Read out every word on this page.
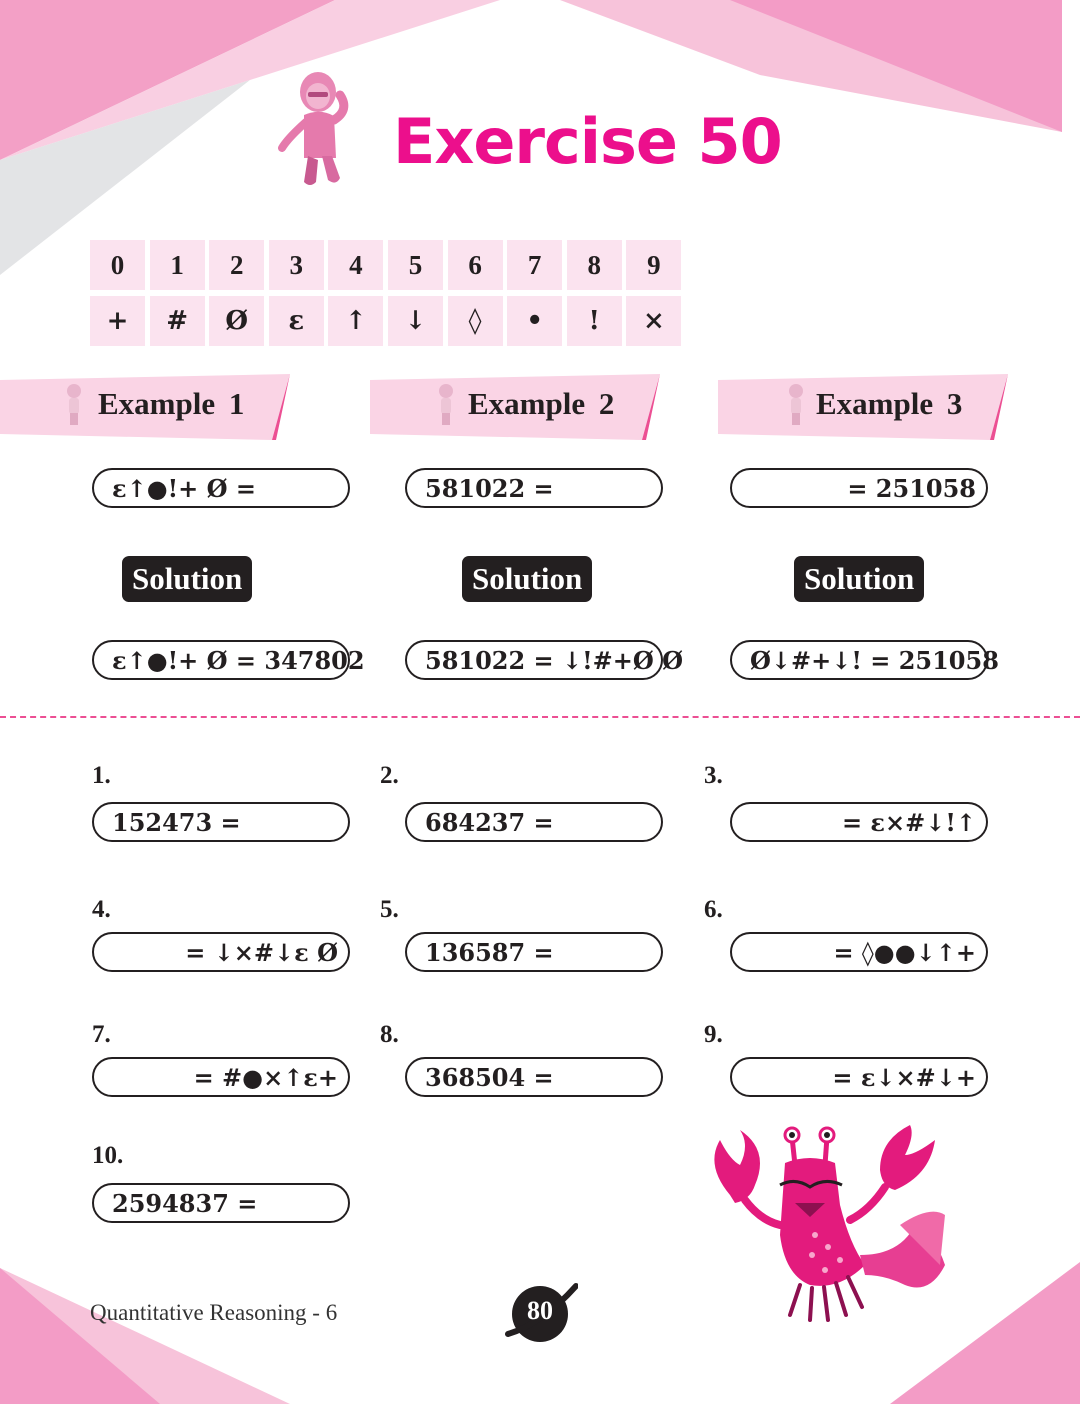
Exercise 50
0	1	2	3	4	5	6	7	8	9
+	#	Ø	ε	↑	↓	◊	•	!	×
Example 1	Example 2	Example 3
ε↑●!+ Ø =	581022 =	= 251058
Solution	Solution	Solution
ε↑●!+ Ø = 347802	581022 = ↓!#+Ø Ø	Ø↓#+↓! = 251058
1.
152473 =
2.
684237 =
3.
= ε×#↓!↑
4.
= ↓×#↓ε Ø
5.
136587 =
6.
= ◊●●↓↑+
7.
= #●×↑ε+
8.
368504 =
9.
= ε↓×#↓+
10.
2594837 =
Quantitative Reasoning - 6	80
